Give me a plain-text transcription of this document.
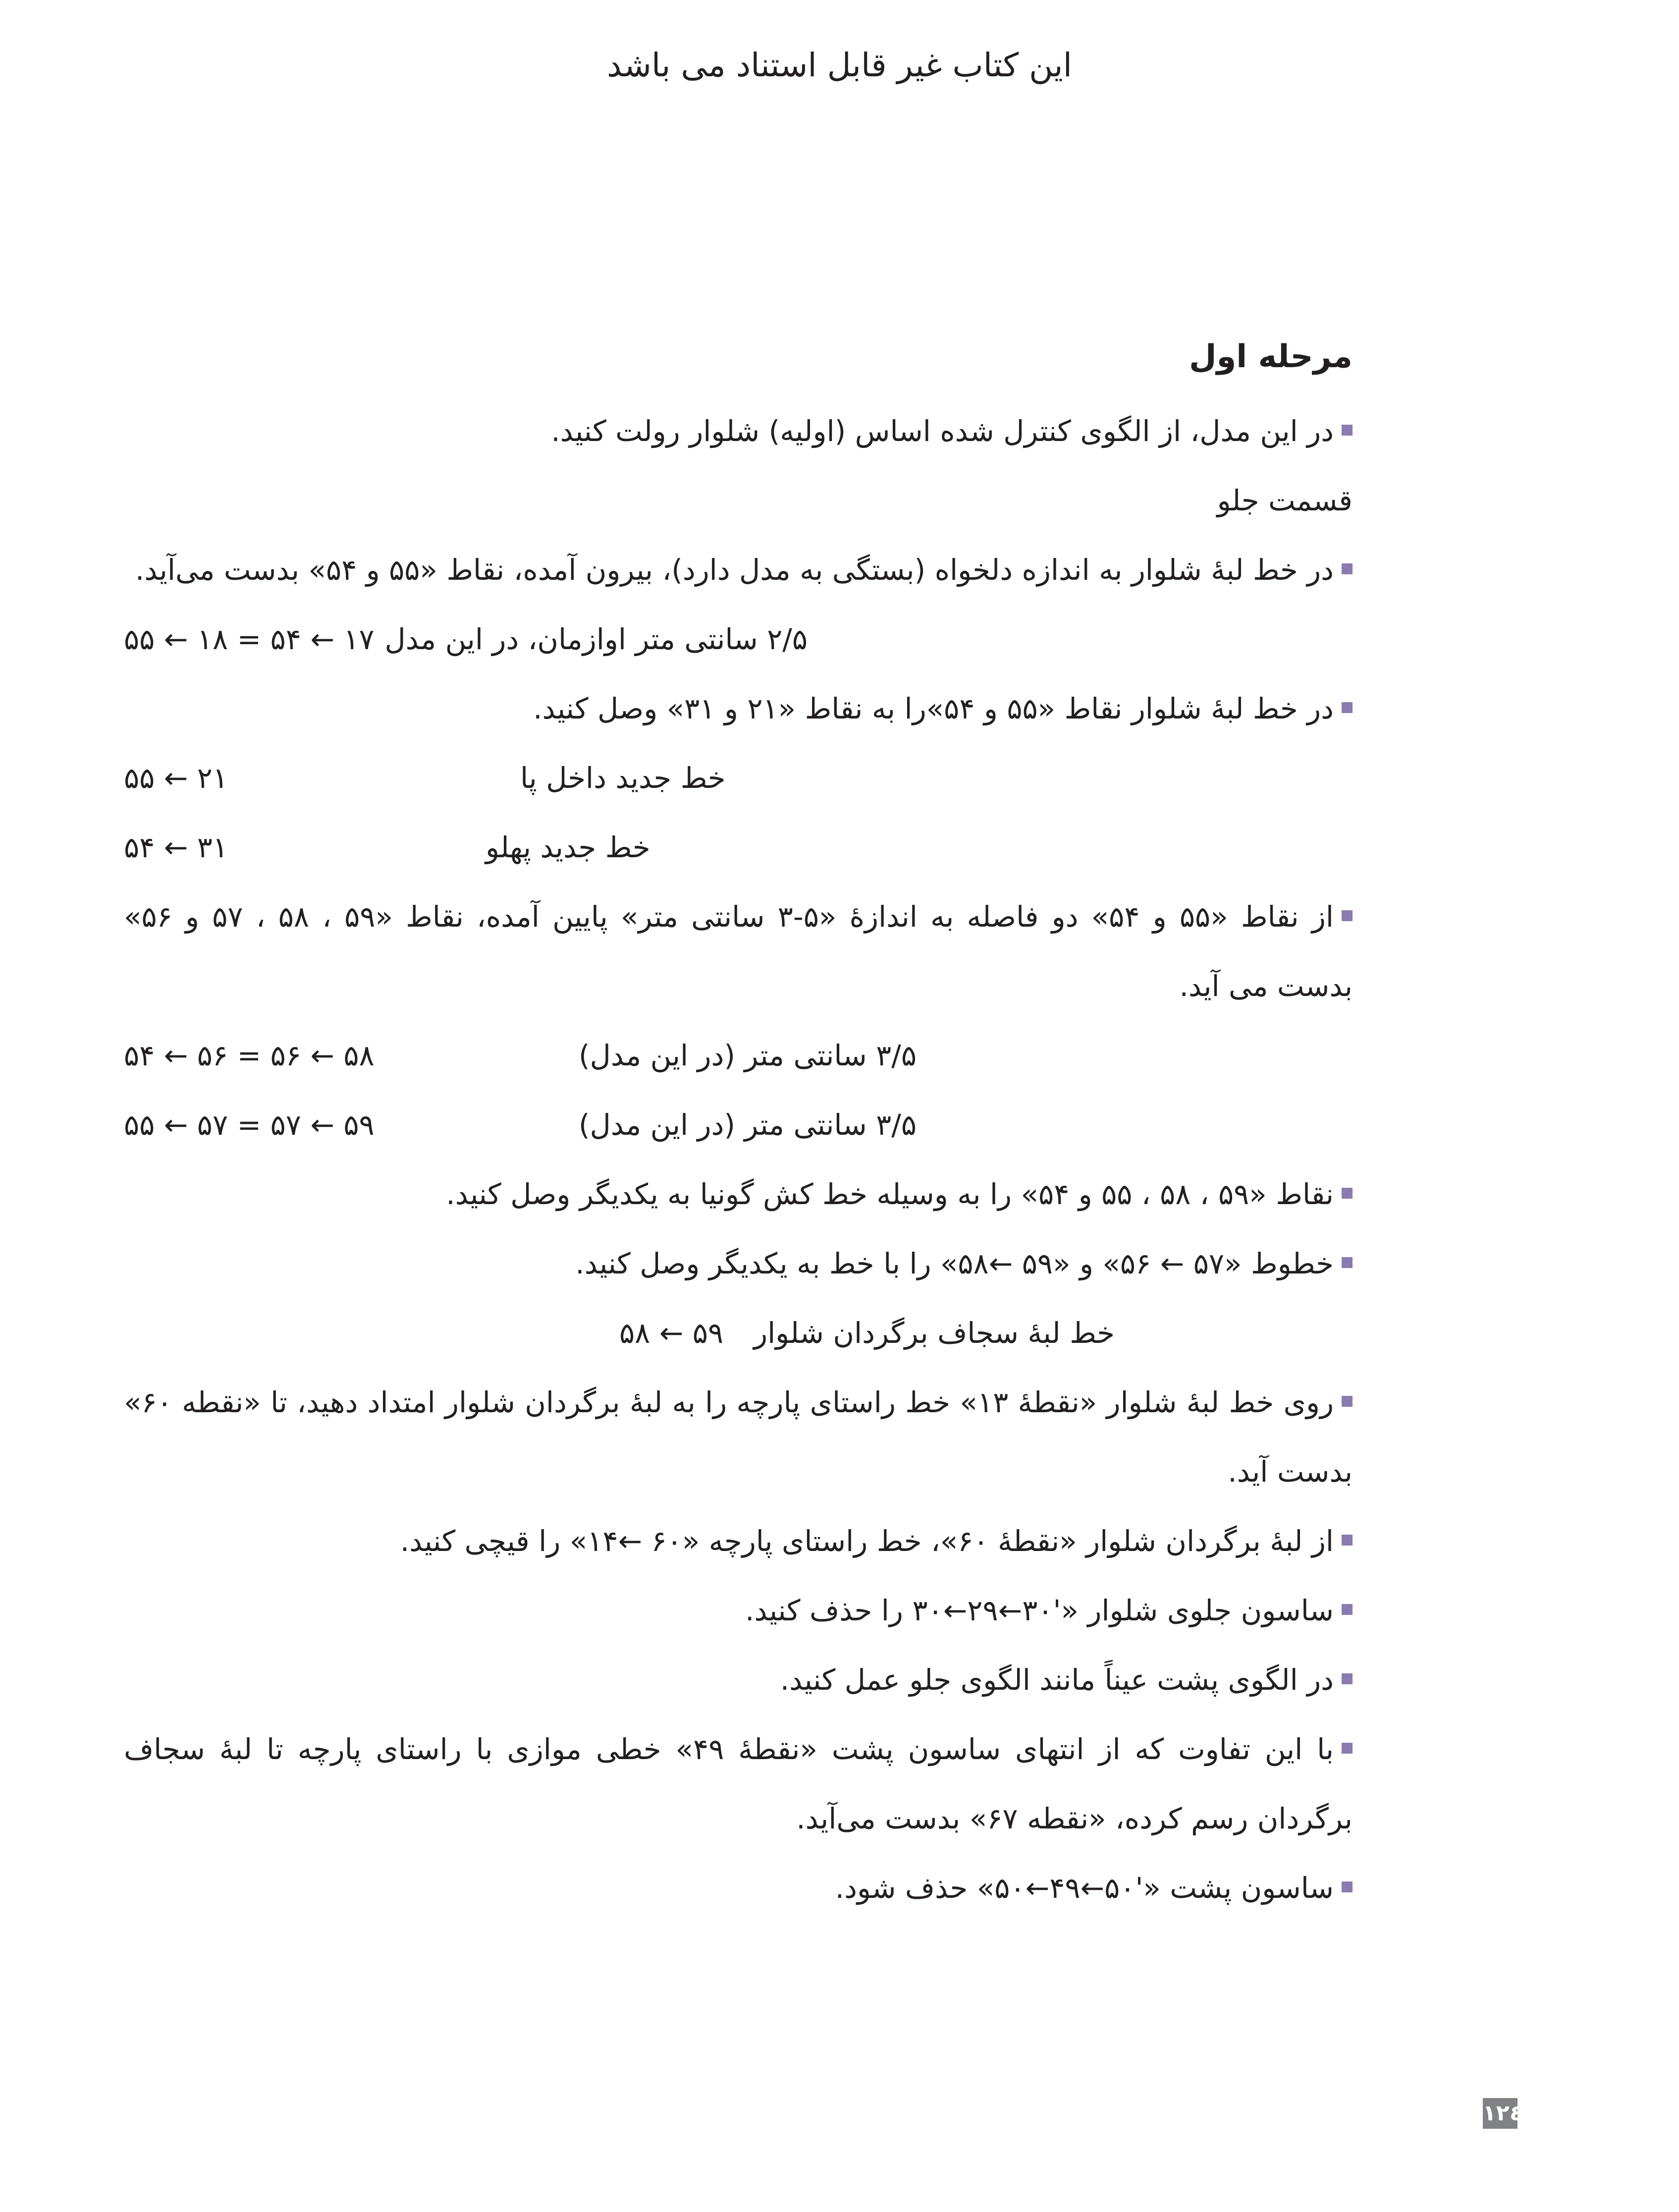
این کتاب غیر قابل استناد می باشد
مرحله اول
در این مدل، از الگوی کنترل شده اساس (اولیه) شلوار رولت کنید.
قسمت جلو
در خط لبهٔ شلوار به اندازه دلخواه (بستگی به مدل دارد)، بیرون آمده، نقاط «۵۵ و ۵۴» بدست می‌آید.
۲/۵ سانتی متر اوازمان، در این مدل
۱۷ ← ۵۴ = ۱۸ ← ۵۵
در خط لبهٔ شلوار نقاط «۵۵ و ۵۴»را به نقاط «۲۱ و ۳۱» وصل کنید.
خط جدید داخل پا
۲۱ ← ۵۵
خط جدید پهلو
۳۱ ← ۵۴
از نقاط «۵۵ و ۵۴» دو فاصله به اندازهٔ «۵-۳ سانتی متر» پایین آمده، نقاط «۵۹ ، ۵۸ ، ۵۷ و ۵۶» بدست می آید.
۳/۵ سانتی متر (در این مدل)
۵۸ ← ۵۶ = ۵۶ ← ۵۴
۳/۵ سانتی متر (در این مدل)
۵۹ ← ۵۷ = ۵۷ ← ۵۵
نقاط «۵۹ ، ۵۸ ، ۵۵ و ۵۴» را به وسیله خط کش گونیا به یکدیگر وصل کنید.
خطوط «۵۷ ← ۵۶» و «۵۹ ←۵۸» را با خط به یکدیگر وصل کنید.
خط لبهٔ سجاف برگردان شلوار
۵۹ ← ۵۸
روی خط لبهٔ شلوار «نقطهٔ ۱۳» خط راستای پارچه را به لبهٔ برگردان شلوار امتداد دهید، تا «نقطه ۶۰» بدست آید.
از لبهٔ برگردان شلوار «نقطهٔ ۶۰»، خط راستای پارچه «۶۰ ←۱۴» را قیچی کنید.
ساسون جلوی شلوار «'۳۰←۲۹←۳۰ را حذف کنید.
در الگوی پشت عیناً مانند الگوی جلو عمل کنید.
با این تفاوت که از انتهای ساسون پشت «نقطهٔ ۴۹» خطی موازی با راستای پارچه تا لبهٔ سجاف برگردان رسم کرده، «نقطه ۶۷» بدست می‌آید.
ساسون پشت «'۵۰←۴۹←۵۰» حذف شود.
۱۲٤
